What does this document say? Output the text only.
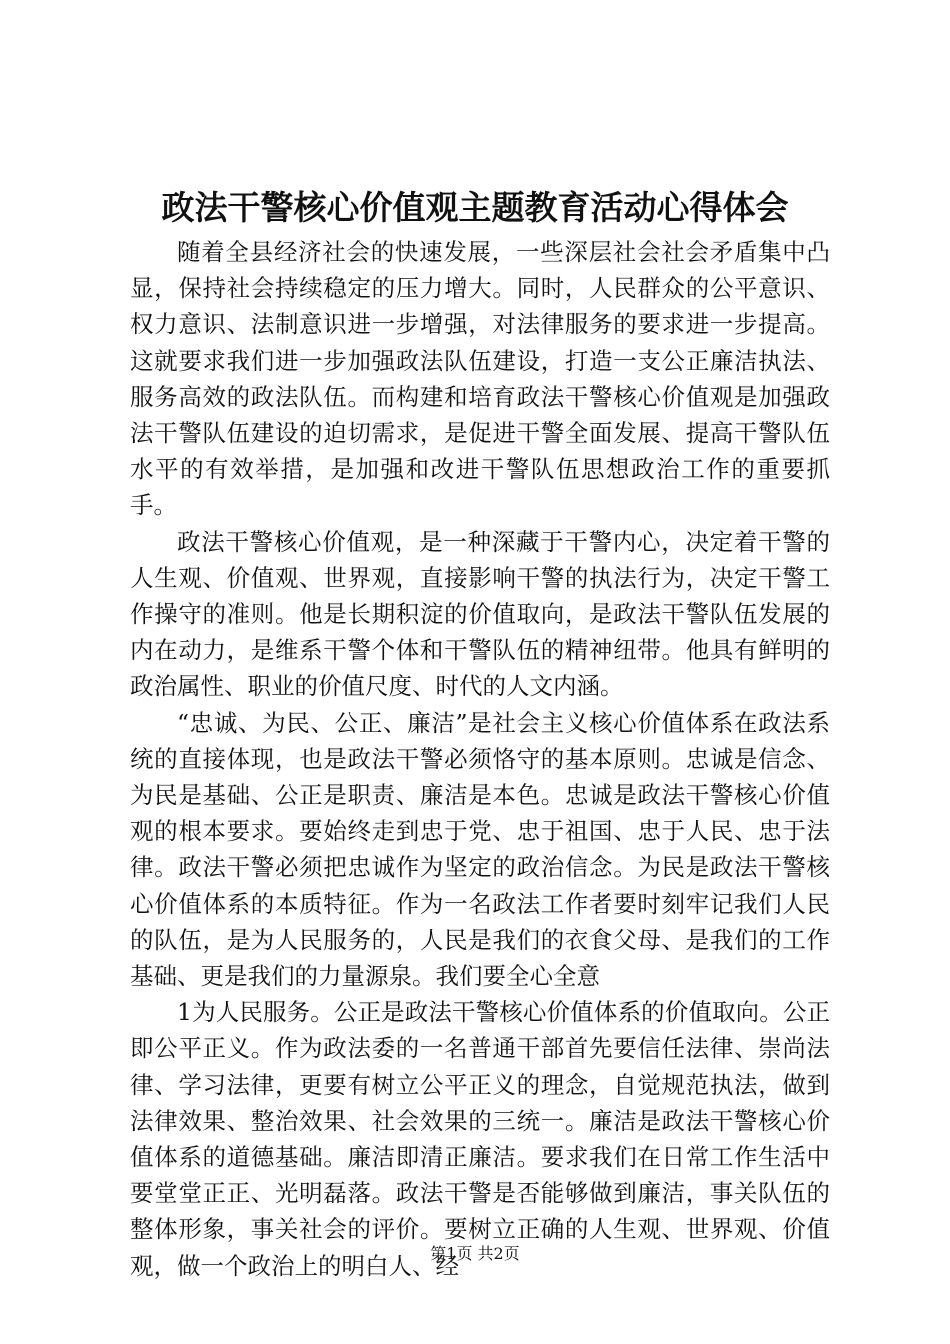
政法干警核心价值观主题教育活动心得体会

随着全县经济社会的快速发展，一些深层社会社会矛盾集中凸显，保持社会持续稳定的压力增大。同时，人民群众的公平意识、权力意识、法制意识进一步增强，对法律服务的要求进一步提高。这就要求我们进一步加强政法队伍建设，打造一支公正廉洁执法、服务高效的政法队伍。而构建和培育政法干警核心价值观是加强政法干警队伍建设的迫切需求，是促进干警全面发展、提高干警队伍水平的有效举措，是加强和改进干警队伍思想政治工作的重要抓手。

政法干警核心价值观，是一种深藏于干警内心，决定着干警的人生观、价值观、世界观，直接影响干警的执法行为，决定干警工作操守的准则。他是长期积淀的价值取向，是政法干警队伍发展的内在动力，是维系干警个体和干警队伍的精神纽带。他具有鲜明的政治属性、职业的价值尺度、时代的人文内涵。

“忠诚、为民、公正、廉洁”是社会主义核心价值体系在政法系统的直接体现，也是政法干警必须恪守的基本原则。忠诚是信念、为民是基础、公正是职责、廉洁是本色。忠诚是政法干警核心价值观的根本要求。要始终走到忠于党、忠于祖国、忠于人民、忠于法律。政法干警必须把忠诚作为坚定的政治信念。为民是政法干警核心价值体系的本质特征。作为一名政法工作者要时刻牢记我们人民的队伍，是为人民服务的，人民是我们的衣食父母、是我们的工作基础、更是我们的力量源泉。我们要全心全意

1为人民服务。公正是政法干警核心价值体系的价值取向。公正即公平正义。作为政法委的一名普通干部首先要信任法律、崇尚法律、学习法律，更要有树立公平正义的理念，自觉规范执法，做到法律效果、整治效果、社会效果的三统一。廉洁是政法干警核心价值体系的道德基础。廉洁即清正廉洁。要求我们在日常工作生活中要堂堂正正、光明磊落。政法干警是否能够做到廉洁，事关队伍的整体形象，事关社会的评价。要树立正确的人生观、世界观、价值观，做一个政治上的明白人、经

第1页 共2页
